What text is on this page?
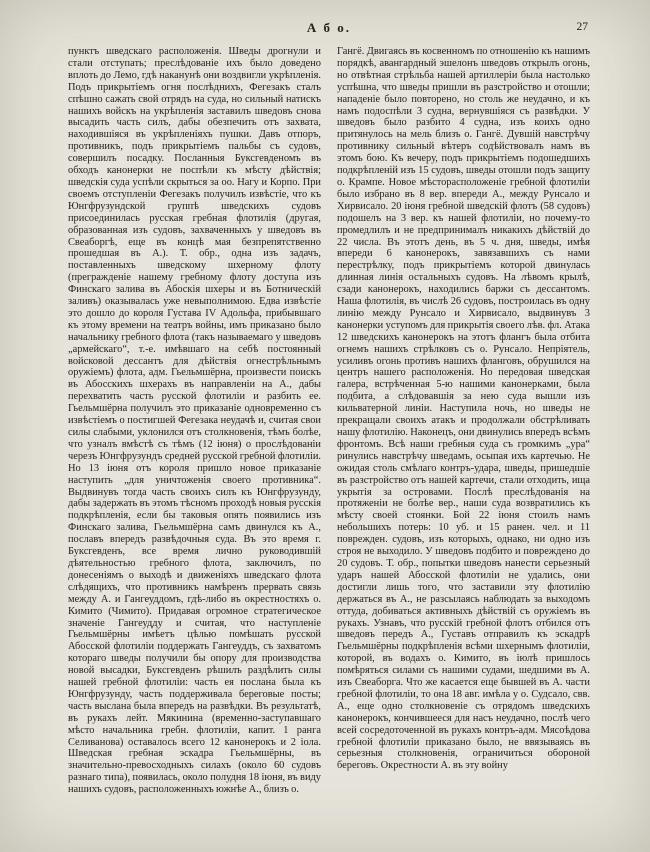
А б о.	27
пунктъ шведскаго расположенія. Шведы дрогнули и стали отступать; преслѣдованіе ихъ было доведено вплоть до Лемо, гдѣ наканунѣ они воздвигли укрѣпленія. Подъ прикрытіемъ огня послѣднихъ, Фегезакъ сталъ спѣшно сажать свой отрядъ на суда, но сильный натискъ нашихъ войскъ на укрѣпленія заставилъ шведовъ снова высадить часть силъ, дабы обезпечить отъ захвата, находившіяся въ укрѣпленіяхъ пушки. Давъ отпоръ, противникъ, подъ прикрытіемъ пальбы съ судовъ, совершилъ посадку. Посланныя Буксгевденомъ въ обходъ канонерки не поспѣли къ мѣсту дѣйствія; шведскія суда успѣли скрыться за оо. Нагу и Корпо. При своемъ отступленіи Фегезакъ получилъ извѣстіе, что къ Юнгфрузундской группѣ шведскихъ судовъ присоединилась русская гребная флотилія (другая, образованная изъ судовъ, захваченныхъ у шведовъ въ Свеаборгѣ, еще въ концѣ мая безпрепятственно прошедшая въ А.). Т. обр., одна изъ задачъ, поставленныхъ шведскому шхерному флоту (прегражденіе нашему гребному флоту доступа изъ Финскаго залива въ Абоскія шхеры и въ Ботническій заливъ) оказывалась уже невыполнимою. Едва извѣстіе это дошло до короля Густава IV Адольфа, прибывшаго къ этому времени на театръ войны, имъ приказано было начальнику гребного флота (такъ называемаго у шведовъ „армейскаго“, т.-е. имѣвшаго на себѣ постоянный войсковой дессантъ для дѣйствія огнестрѣльнымъ оружіемъ) флота, адм. Гьельмшёрна, произвести поискъ въ Абосскихъ шхерахъ въ направленіи на А., дабы перехватить часть русской флотиліи и разбить ее. Гьельмшёрна получилъ это приказаніе одновременно съ извѣстіемъ о постигшей Фегезака неудачѣ и, считая свои силы слабыми, уклонился отъ столкновенія, тѣмъ болѣе, что узналъ вмѣстѣ съ тѣмъ (12 іюня) о прослѣдованіи черезъ Юнгфрузундъ средней русской гребной флотиліи. Но 13 іюня отъ короля пришло новое приказаніе наступить „для уничтоженія своего противника“. Выдвинувъ тогда часть своихъ силъ къ Юнгфрузунду, дабы задержать въ этомъ тѣсномъ проходѣ новыя русскія подкрѣпленія, если бы таковыя опять появились изъ Финскаго залива, Гьельмшёрна самъ двинулся къ А., пославъ впередъ развѣдочныя суда. Въ это время г. Буксгевденъ, все время лично руководившій дѣятельностью гребного флота, заключилъ, по донесеніямъ о выходѣ и движеніяхъ шведскаго флота слѣдящихъ, что противникъ намѣренъ прервать связь между А. и Гангеуддомъ, гдѣ-либо въ окрестностяхъ о. Кимито (Чимито). Придавая огромное стратегическое значеніе Гангеудду и считая, что наступленіе Гьельмшёрны имѣетъ цѣлью помѣшать русской Абосской флотиліи поддержать Гангеуддъ, съ захватомъ котораго шведы получили бы опору для производства новой высадки, Буксгевденъ рѣшилъ раздѣлить силы нашей гребной флотиліи: часть ея послана была къ Юнгфрузунду, часть поддерживала береговые посты; часть выслана была впередъ на развѣдки. Въ результатѣ, въ рукахъ лейт. Мякинина (временно-заступавшаго мѣсто начальника гребн. флотиліи, капит. 1 ранга Селиванова) оставалось всего 12 канонерокъ и 2 іола. Шведская гребная эскадра Гьельмшёрны, въ значительно-превосходныхъ силахъ (около 60 судовъ разнаго типа), появилась, около полудня 18 іюня, въ виду нашихъ судовъ, расположенныхъ южнѣе А., близъ о.
Гангё. Двигаясь въ косвенномъ по отношенію къ нашимъ порядкѣ, авангардный эшелонъ шведовъ открылъ огонь, но отвѣтная стрѣльба нашей артиллеріи была настолько успѣшна, что шведы пришли въ разстройство и отошли; нападеніе было повторено, но столь же неудачно, и къ намъ подоспѣли 3 судна, вернувшіяся съ развѣдки. У шведовъ было разбито 4 судна, изъ коихъ одно притянулось на мель близъ о. Гангё. Дувшій навстрѣчу противнику сильный вѣтеръ содѣйствовалъ намъ въ этомъ бою. Къ вечеру, подъ прикрытіемъ подошедшихъ подкрѣпленій изъ 15 судовъ, шведы отошли подъ защиту о. Крампе. Новое мѣсторасположеніе гребной флотиліи было избрано въ 8 вер. впереди А., между Рунсало и Хирвисало. 20 іюня гребной шведскій флотъ (58 судовъ) подошелъ на 3 вер. къ нашей флотиліи, но почему-то промедлилъ и не предпринималъ никакихъ дѣйствій до 22 числа. Въ этотъ день, въ 5 ч. дня, шведы, имѣя впереди 6 канонерокъ, завязавшихъ съ нами перестрѣлку, подъ прикрытіемъ которой двинулась длинная линія остальныхъ судовъ. На лѣвомъ крылѣ, сзади канонерокъ, находились баржи съ дессантомъ. Наша флотилія, въ числѣ 26 судовъ, построилась въ одну линію между Рунсало и Хирвисало, выдвинувъ 3 канонерки уступомъ для прикрытія своего лѣв. фл. Атака 12 шведскихъ канонерокъ на этотъ флангъ была отбита огнемъ нашихъ стрѣлковъ съ о. Рунсало. Непріятель, усиливъ огонь противъ нашихъ фланговъ, обрушился на центръ нашего расположенія. Но передовая шведская галера, встрѣченная 5-ю нашими канонерками, была подбита, а слѣдовавшія за нею суда вышли изъ кильватерной линіи. Наступила ночь, но шведы не прекращали своихъ атакъ и продолжали обстрѣливать нашу флотилію. Наконецъ, они двинулись впередъ всѣмъ фронтомъ. Всѣ наши гребныя суда съ громкимъ „ура“ ринулись навстрѣчу шведамъ, осыпая ихъ картечью. Не ожидая столь смѣлаго контръ-удара, шведы, пришедшіе въ разстройство отъ нашей картечи, стали отходить, ища укрытія за островами. Послѣ преслѣдованія на протяженіи не болѣе вер., наши суда возвратились къ мѣсту своей стоянки. Бой 22 іюня стоилъ намъ небольшихъ потерь: 10 уб. и 15 ранен. чел. и 11 поврежден. судовъ, изъ которыхъ, однако, ни одно изъ строя не выходило. У шведовъ подбито и повреждено до 20 судовъ. Т. обр., попытки шведовъ нанести серьезный ударъ нашей Абосской флотиліи не удались, они достигли лишь того, что заставили эту флотилію держаться въ А., не разсылаясь наблюдать за выходомъ оттуда, добиваться активныхъ дѣйствій съ оружіемъ въ рукахъ. Узнавъ, что русскій гребной флотъ отбился отъ шведовъ передъ А., Густавъ отправилъ къ эскадрѣ Гьельмшёрны подкрѣпленія всѣми шхернымъ флотиліи, которой, въ водахъ о. Кимито, въ іюлѣ пришлось помѣряться силами съ нашими судами, шедшими въ А. изъ Свеаборга. Что же касается еще бывшей въ А. части гребной флотиліи, то она 18 авг. имѣла у о. Судсало, свв. А., еще одно столкновеніе съ отрядомъ шведскихъ канонерокъ, кончившееся для насъ неудачно, послѣ чего всей сосредоточенной въ рукахъ контръ-адм. Мясоѣдова гребной флотиліи приказано было, не ввязываясь въ серьезныя столкновенія, ограничиться обороной береговъ. Окрестности А. въ эту войну
